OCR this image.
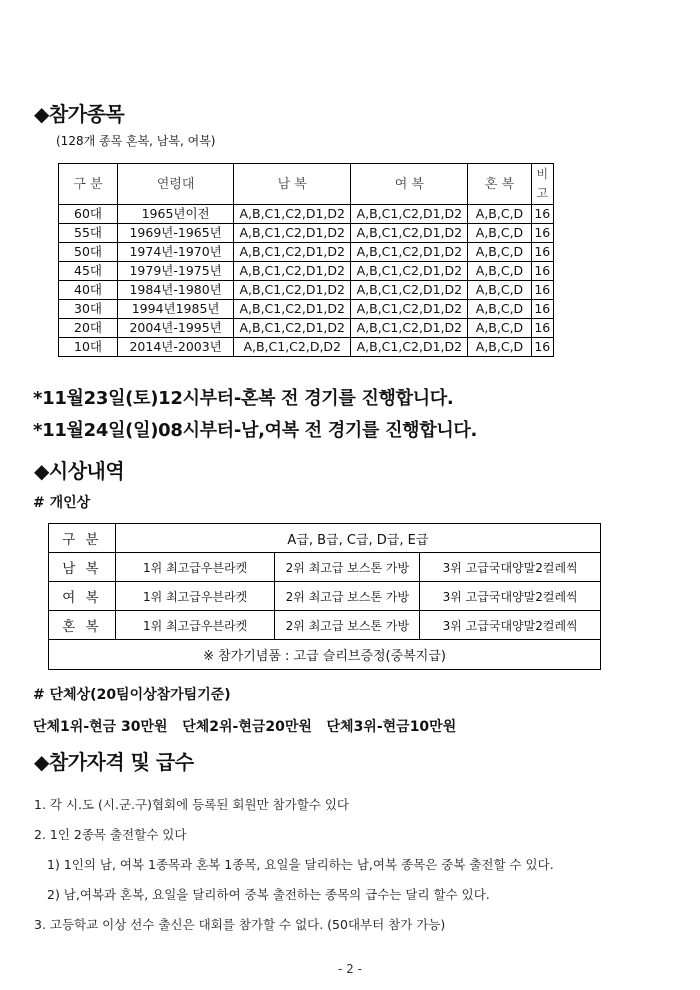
◆참가종목
(128개 종목 혼복, 남복, 여복)
구 분	연령대	남 복	여 복	혼 복	비고
60대	1965년이전	A,B,C1,C2,D1,D2	A,B,C1,C2,D1,D2	A,B,C,D	16
55대	1969년-1965년	A,B,C1,C2,D1,D2	A,B,C1,C2,D1,D2	A,B,C,D	16
50대	1974년-1970년	A,B,C1,C2,D1,D2	A,B,C1,C2,D1,D2	A,B,C,D	16
45대	1979년-1975년	A,B,C1,C2,D1,D2	A,B,C1,C2,D1,D2	A,B,C,D	16
40대	1984년-1980년	A,B,C1,C2,D1,D2	A,B,C1,C2,D1,D2	A,B,C,D	16
30대	1994년1985년	A,B,C1,C2,D1,D2	A,B,C1,C2,D1,D2	A,B,C,D	16
20대	2004년-1995년	A,B,C1,C2,D1,D2	A,B,C1,C2,D1,D2	A,B,C,D	16
10대	2014년-2003년	A,B,C1,C2,D,D2	A,B,C1,C2,D1,D2	A,B,C,D	16
*11월23일(토)12시부터-혼복 전 경기를 진행합니다.
*11월24일(일)08시부터-남,여복 전 경기를 진행합니다.
◆시상내역
# 개인상
구 분	A급, B급, C급, D급, E급		
남 복	1위 최고급우븐라켓	2위 최고급 보스톤 가방	3위 고급국대양말2컬레씩
여 복	1위 최고급우븐라켓	2위 최고급 보스톤 가방	3위 고급국대양말2컬레씩
혼 복	1위 최고급우븐라켓	2위 최고급 보스톤 가방	3위 고급국대양말2컬레씩
※ 참가기념품 : 고급 슬리브증정(중복지급)			
# 단체상(20팀이상참가팀기준)
단체1위-현금 30만원   단체2위-현금20만원   단체3위-현금10만원
◆참가자격 및 급수
1. 각 시.도 (시.군.구)협회에 등록된 회원만 참가할수 있다
2. 1인 2종목 출전할수 있다
1) 1인의 남, 여복 1종목과 혼복 1종목, 요일을 달리하는 남,여복 종목은 중복 출전할 수 있다.
2) 남,여복과 혼복, 요일을 달리하여 중복 출전하는 종목의 급수는 달리 할수 있다.
3. 고등학교 이상 선수 출신은 대회를 참가할 수 없다. (50대부터 참가 가능)
- 2 -
